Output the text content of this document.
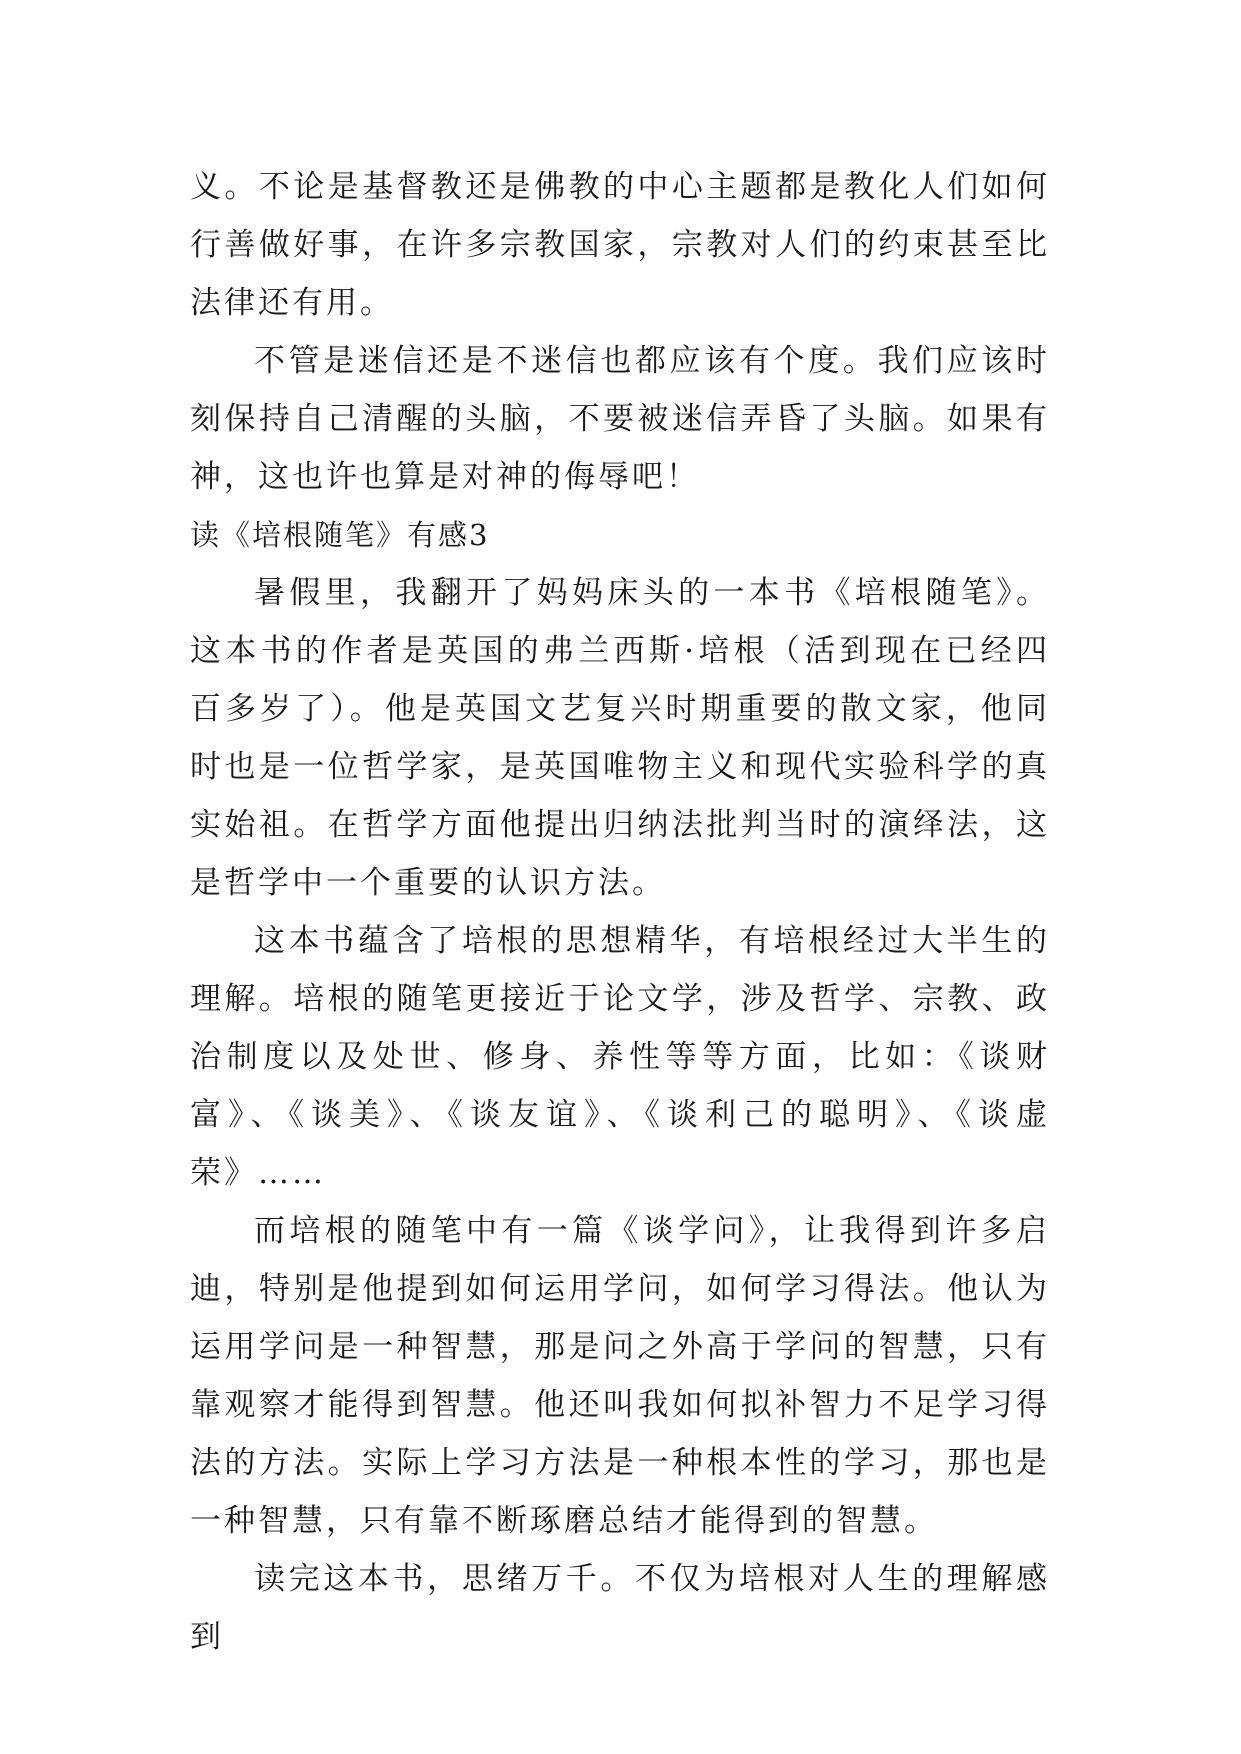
义。不论是基督教还是佛教的中心主题都是教化人们如何行善做好事，在许多宗教国家，宗教对人们的约束甚至比法律还有用。

不管是迷信还是不迷信也都应该有个度。我们应该时刻保持自己清醒的头脑，不要被迷信弄昏了头脑。如果有神，这也许也算是对神的侮辱吧！

读《培根随笔》有感3

暑假里，我翻开了妈妈床头的一本书《培根随笔》。这本书的作者是英国的弗兰西斯·培根（活到现在已经四百多岁了）。他是英国文艺复兴时期重要的散文家，他同时也是一位哲学家，是英国唯物主义和现代实验科学的真实始祖。在哲学方面他提出归纳法批判当时的演绎法，这是哲学中一个重要的认识方法。

这本书蕴含了培根的思想精华，有培根经过大半生的理解。培根的随笔更接近于论文学，涉及哲学、宗教、政治制度以及处世、修身、养性等等方面，比如：《谈财富》、《谈美》、《谈友谊》、《谈利己的聪明》、《谈虚荣》……

而培根的随笔中有一篇《谈学问》，让我得到许多启迪，特别是他提到如何运用学问，如何学习得法。他认为运用学问是一种智慧，那是问之外高于学问的智慧，只有靠观察才能得到智慧。他还叫我如何拟补智力不足学习得法的方法。实际上学习方法是一种根本性的学习，那也是一种智慧，只有靠不断琢磨总结才能得到的智慧。

读完这本书，思绪万千。不仅为培根对人生的理解感到
